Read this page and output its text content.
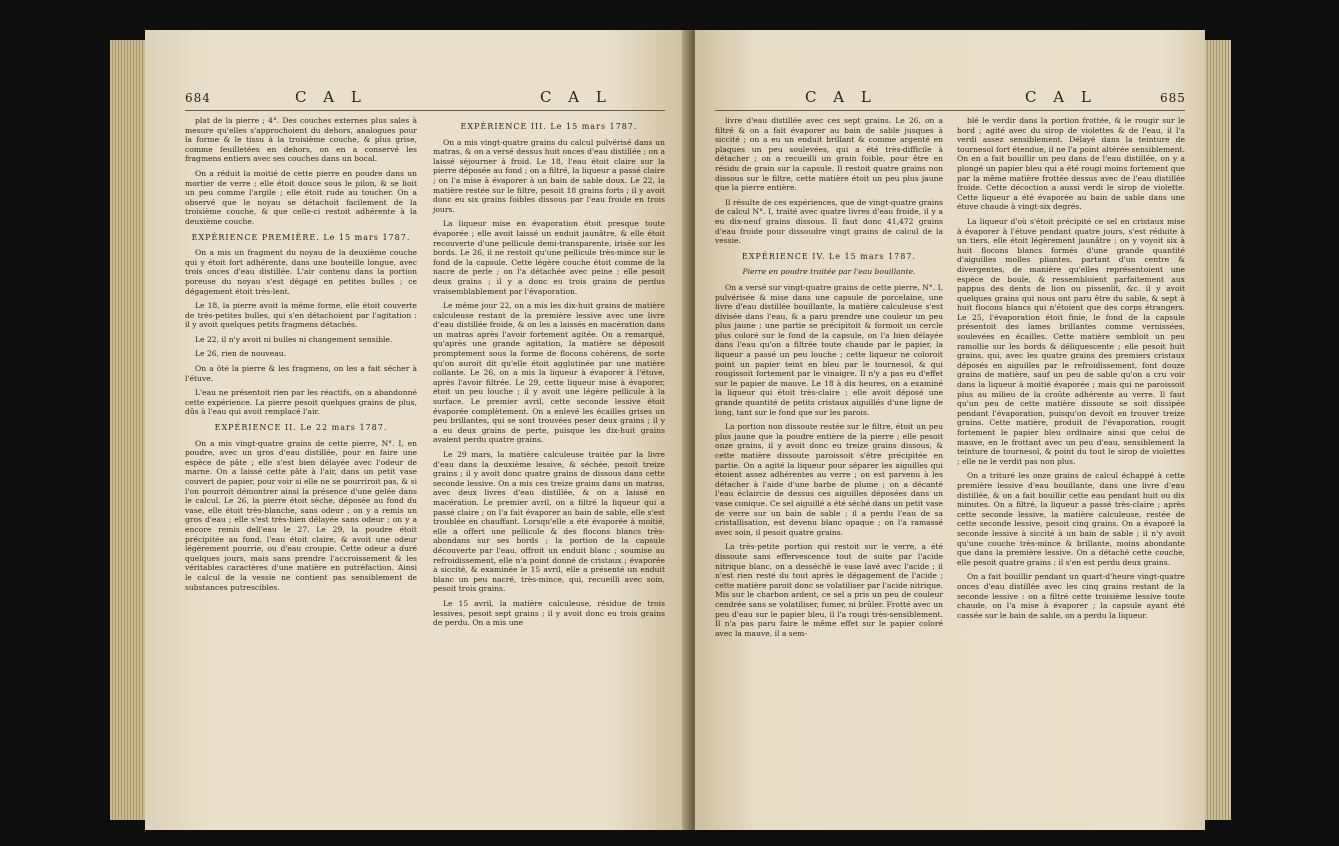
684	C A L	C A L

plat de la pierre ; 4°. Des couches externes plus sales à mesure qu'elles s'approchoient du dehors, analogues pour la forme & le tissu à la troisième couche, & plus grise, comme feuilletées en dehors, on en a conservé les fragmens entiers avec ses couches dans un bocal.

On a réduit la moitié de cette pierre en poudre dans un mortier de verre ; elle étoit douce sous le pilon, & se lioit un peu comme l'argile ; elle étoit rude au toucher. On a observé que le noyau se détachoit facilement de la troisième couche, & que celle-ci restoit adhérente à la deuxième couche.

EXPÉRIENCE PREMIÈRE. Le 15 mars 1787.

On a mis un fragment du noyau de la deuxième couche qui y étoit fort adhérente, dans une bouteille longue, avec trois onces d'eau distillée. L'air contenu dans la portion poreuse du noyau s'est dégagé en petites bulles ; ce dégagement étoit très-lent.

Le 18, la pierre avoit la même forme, elle étoit couverte de très-petites bulles, qui s'en détachoient par l'agitation : il y avoit quelques petits fragmens détachés.

Le 22, il n'y avoit ni bulles ni changement sensible.

Le 26, rien de nouveau.

On a ôté la pierre & les fragmens, on les a fait sécher à l'étuve.

L'eau ne présentoit rien par les réactifs, on a abandonné cette expérience. La pierre pesoit quelques grains de plus, dûs à l'eau qui avoit remplacé l'air.

EXPÉRIENCE II. Le 22 mars 1787.

On a mis vingt-quatre grains de cette pierre, N°. I, en poudre, avec un gros d'eau distillée, pour en faire une espèce de pâte ; elle s'est bien délayée avec l'odeur de marne. On a laissé cette pâte à l'air, dans un petit vase couvert de papier, pour voir si elle ne se pourriroit pas, & si l'on pourroit démontrer ainsi la présence d'une gelée dans le calcul. Le 26, la pierre étoit sèche, déposée au fond du vase, elle étoit très-blanche, sans odeur ; on y a remis un gros d'eau ; elle s'est très-bien délayée sans odeur ; on y a encore remis dell'eau le 27. Le 29, la poudre étoit précipitée au fond, l'eau étoit claire, & avoit une odeur légèrement pourrie, ou d'eau croupie. Cette odeur a duré quelques jours, mais sans prendre l'accroissement & les véritables caractères d'une matière en putréfaction. Ainsi le calcul de la vessie ne contient pas sensiblement de substances putrescibles.

EXPÉRIENCE III. Le 15 mars 1787.

On a mis vingt-quatre grains du calcul pulvérisé dans un matras, & on a versé dessus huit onces d'eau distillée ; on a laissé séjourner à froid. Le 18, l'eau étoit claire sur la pierre déposée au fond ; on a filtré, la liqueur a passé claire ; on l'a mise à évaporer à un bain de sable doux. Le 22, la matière restée sur le filtre, pesoit 18 grains forts ; il y avoit donc eu six grains foibles dissous par l'eau froide en trois jours.

La liqueur mise en évaporation étoit presque toute évaporée ; elle avoit laissé un enduit jaunâtre, & elle étoit recouverte d'une pellicule demi-transparente, irisée sur les bords. Le 26, il ne restoit qu'une pellicule très-mince sur le fond de la capsule. Cette légère couche étoit comme de la nacre de perle ; on l'a détachée avec peine ; elle pesoit deux grains ; il y a donc eu trois grains de perdus vraisemblablement par l'évaporation.

Le même jour 22, on a mis les dix-huit grains de matière calculeuse restant de la première lessive avec une livre d'eau distillée froide, & on les a laissés en macération dans un matras après l'avoir fortement agitée. On a remarqué, qu'après une grande agitation, la matière se déposoit promptement sous la forme de flocons cohérens, de sorte qu'on auroit dit qu'elle étoit agglutinée par une matière collante. Le 26, on a mis la liqueur à évaporer à l'étuve, après l'avoir filtrée. Le 29, cette liqueur mise à évaporer, étoit un peu louche ; il y avoit une légère pellicule à la surface. Le premier avril, cette seconde lessive étoit évaporée complètement. On a enlevé les écailles grises un peu brillantes, qui se sont trouvées peser deux grains ; il y a eu deux grains de perte, puisque les dix-huit grains avaient perdu quatre grains.

Le 29 mars, la matière calculeuse traitée par la livre d'eau dans la deuxième lessive, & séchée, pesoit treize grains ; il y avoit donc quatre grains de dissous dans cette seconde lessive. On a mis ces treize grains dans un matras, avec deux livres d'eau distillée, & on a laissé en macération. Le premier avril, on a filtré la liqueur qui a passé claire ; on l'a fait évaporer au bain de sable, elle s'est troublée en chauffant. Lorsqu'elle a été évaporée à moitié, elle a offert une pellicule & des flocons blancs très-abondans sur ses bords ; la portion de la capsule découverte par l'eau, offroit un enduit blanc ; soumise au refroidissement, elle n'a point donné de cristaux ; évaporée à siccité, & examinée le 15 avril, elle a présenté un enduit blanc un peu nacré, très-mince, qui, recueilli avec soin, pesoit trois grains.

Le 15 avril, la matière calculeuse, résidue de trois lessives, pesoit sept grains ; il y avoit donc eu trois grains de perdu. On a mis une

C A L	C A L	685

livre d'eau distillée avec ces sept grains. Le 26, on a filtré & on a fait évaporer au bain de sable jusques à siccité ; on a eu un enduit brillant & comme argenté en plaques un peu soulevées, qui a été très-difficile à détacher ; on a recueilli un grain foible, pour être en résidu de grain sur la capsule. Il restoit quatre grains non dissous sur le filtre, cette matière étoit un peu plus jaune que la pierre entière.

Il résulte de ces expériences, que de vingt-quatre grains de calcul N°. I, traité avec quatre livres d'eau froide, il y a eu dix-neuf grains dissous. Il faut donc 41,472 grains d'eau froide pour dissoudre vingt grains de calcul de la vessie.

EXPÉRIENCE IV. Le 15 mars 1787.

Pierre en poudre traitée par l'eau bouillante.

On a versé sur vingt-quatre grains de cette pierre, N°. I, pulvérisée & mise dans une capsule de porcelaine, une livre d'eau distillée bouillante, la matière calculeuse s'est divisée dans l'eau, & a paru prendre une couleur un peu plus jaune ; une partie se précipitoit & formoit un cercle plus coloré sur le fond de la capsule, on l'a bien délayée dans l'eau qu'on a filtrée toute chaude par le papier, la liqueur a passé un peu louche ; cette liqueur ne coloroit point un papier teint en bleu par le tournesol, & qui rougissoit fortement par le vinaigre. Il n'y a pas eu d'effet sur le papier de mauve. Le 18 à dix heures, on a examiné la liqueur qui étoit très-claire ; elle avoit déposé une grande quantité de petits cristaux aiguillés d'une ligne de long, tant sur le fond que sur les parois.

La portion non dissoute restée sur le filtre, étoit un peu plus jaune que la poudre entière de la pierre ; elle pesoit onze grains, il y avoit donc eu treize grains dissous, & cette matière dissoute paroissoit s'être précipitée en partie. On a agité la liqueur pour séparer les aiguilles qui étoient assez adhérentes au verre ; on est parvenu à les détacher à l'aide d'une barbe de plume ; on a décanté l'eau éclaircie de dessus ces aiguilles déposées dans un vase conique. Ce sel aiguillé a été séché dans un petit vase de verre sur un bain de sable ; il a perdu l'eau de sa cristallisation, est devenu blanc opaque ; on l'a ramassé avec soin, il pesoit quatre grains.

La très-petite portion qui restoit sur le verre, a été dissoute sans effervescence tout de suite par l'acide nitrique blanc, on a desséché le vase lavé avec l'acide ; il n'est rien resté du tout après le dégagement de l'acide ; cette matière paroit donc se volatiliser par l'acide nitrique. Mis sur le charbon ardent, ce sel a pris un peu de couleur cendrée sans se volatiliser, fumer, ni brûler. Frotté avec un peu d'eau sur le papier bleu, il l'a rougi très-sensiblement. Il n'a pas paru faire le même effet sur le papier coloré avec la mauve, il a sem-

blé le verdir dans la portion frottée, & le rougir sur le bord ; agité avec du sirop de violettes & de l'eau, il l'a verdi assez sensiblement. Délayé dans la teinture de tournesol fort étendue, il ne l'a point altérée sensiblement. On en a fait bouillir un peu dans de l'eau distillée, on y a plongé un papier bleu qui a été rougi moins fortement que par la même matière frottée dessus avec de l'eau distillée froide. Cette décoction a aussi verdi le sirop de violette. Cette liqueur a été évaporée au bain de sable dans une étuve chaude à vingt-six degrés.

La liqueur d'où s'étoit précipité ce sel en cristaux mise à évaporer à l'étuve pendant quatre jours, s'est réduite à un tiers, elle étoit légèrement jaunâtre ; on y voyoit six à huit flocons blancs formés d'une grande quantité d'aiguilles molles pliantes, partant d'un centre & divergentes, de manière qu'elles représentoient une espèce de boule, & ressembloient parfaitement aux pappus des dents de lion ou pissenlit, &c. il y avoit quelques grains qui nous ont paru être du sable, & sept à huit flocons blancs qui n'étoient que des corps étrangers. Le 25, l'évaporation étoit finie, le fond de la capsule présentoit des lames brillantes comme vernissées, soulevées en écailles. Cette matière sembloit un peu ramollie sur les bords & déliquescente ; elle pesoit huit grains, qui, avec les quatre grains des premiers cristaux déposés en aiguilles par le refroidissement, font douze grains de matière, sauf un peu de sable qu'on a cru voir dans la liqueur à moitié évaporée ; mais qui ne paroissoit plus au milieu de la croûte adhérente au verre. Il faut qu'un peu de cette matière dissoute se soit dissipée pendant l'évaporation, puisqu'on devoit en trouver treize grains. Cette matière, produit de l'évaporation, rougit fortement le papier bleu ordinaire ainsi que celui de mauve, en le frottant avec un peu d'eau, sensiblement la teinture de tournesol, & point du tout le sirop de violettes ; elle ne le verdit pas non plus.

On a trituré les onze grains de calcul échappé à cette première lessive d'eau bouillante, dans une livre d'eau distillée, & on a fait bouillir cette eau pendant huit ou dix minutes. On a filtré, la liqueur a passé très-claire ; après cette seconde lessive, la matière calculeuse, restée de cette seconde lessive, pesoit cinq grains. On a évaporé la seconde lessive à siccité à un bain de sable ; il n'y avoit qu'une couche très-mince & brillante, moins abondante que dans la première lessive. On a détaché cette couche, elle pesoit quatre grains ; il s'en est perdu deux grains.

On a fait bouillir pendant un quart-d'heure vingt-quatre onces d'eau distillée avec les cinq grains restant de la seconde lessive : on a filtré cette troisième lessive toute chaude, on l'a mise à évaporer ; la capsule ayant été cassée sur le bain de sable, on a perdu la liqueur.
